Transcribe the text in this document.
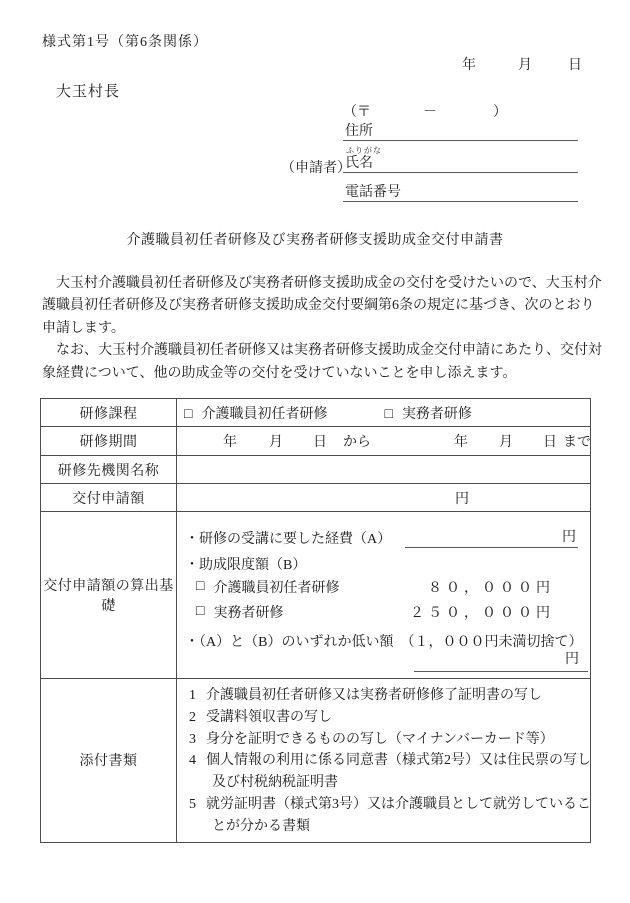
様式第1号（第6条関係）
年	月	日
大玉村長
（〒	－	）
住所
ふりがな
（申請者）
氏名
電話番号
介護職員初任者研修及び実務者研修支援助成金交付申請書
　大玉村介護職員初任者研修及び実務者研修支援助成金の交付を受けたいので、大玉村介
護職員初任者研修及び実務者研修支援助成金交付要綱第6条の規定に基づき、次のとおり
申請します。
　なお、大玉村介護職員初任者研修又は実務者研修支援助成金交付申請にあたり、交付対
象経費について、他の助成金等の交付を受けていないことを申し添えます。
研修課程	□ 介護職員初任者研修 □ 実務者研修

研修期間	年 月 日 から	年 月 日 まで

研修先機関名称	
交付申請額	円

交付申請額の算出基
礎

・研修の受講に要した経費（A）	円
・助成限度額（B）
□ 介護職員初任者研修	８０，０００円
□ 実務者研修	２５０，０００円
・（A）と（B）のいずれか低い額　（１，０００円未満切捨て）
円

添付書類	
1 介護職員初任者研修又は実務者研修修了証明書の写し
2 受講料領収書の写し
3 身分を証明できるものの写し（マイナンバーカード等）
4 個人情報の利用に係る同意書（様式第2号）又は住民票の写し
及び村税納税証明書
5 就労証明書（様式第3号）又は介護職員として就労しているこ
とが分かる書類
